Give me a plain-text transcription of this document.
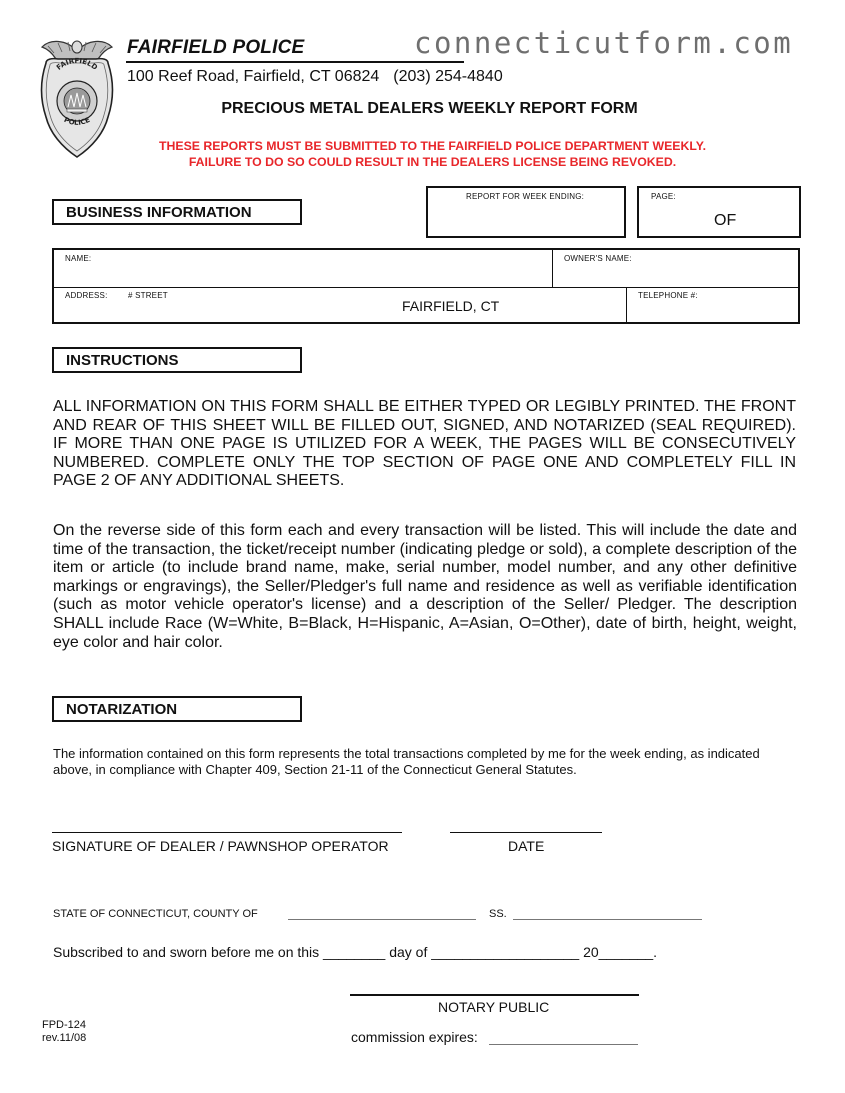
FAIRFIELD
POLICE
FAIRFIELD POLICE	connecticutform.com
100 Reef Road, Fairfield, CT 06824 (203) 254-4840
PRECIOUS METAL DEALERS WEEKLY REPORT FORM
THESE REPORTS MUST BE SUBMITTED TO THE FAIRFIELD POLICE DEPARTMENT WEEKLY.
FAILURE TO DO SO COULD RESULT IN THE DEALERS LICENSE BEING REVOKED.
BUSINESS INFORMATION
REPORT FOR WEEK ENDING:	PAGE:
OF
NAME:	OWNER'S NAME:
ADDRESS:	# STREET
FAIRFIELD, CT
TELEPHONE #:
INSTRUCTIONS
ALL INFORMATION ON THIS FORM SHALL BE EITHER TYPED OR LEGIBLY PRINTED. THE FRONT AND REAR OF THIS SHEET WILL BE FILLED OUT, SIGNED, AND NOTARIZED (SEAL REQUIRED). IF MORE THAN ONE PAGE IS UTILIZED FOR A WEEK, THE PAGES WILL BE CONSECUTIVELY NUMBERED. COMPLETE ONLY THE TOP SECTION OF PAGE ONE AND COMPLETELY FILL IN PAGE 2 OF ANY ADDITIONAL SHEETS.
On the reverse side of this form each and every transaction will be listed. This will include the date and time of the transaction, the ticket/receipt number (indicating pledge or sold), a complete description of the item or article (to include brand name, make, serial number, model number, and any other definitive markings or engravings), the Seller/Pledger's full name and residence as well as verifiable identification (such as motor vehicle operator's license) and a description of the Seller/ Pledger. The description SHALL include Race (W=White, B=Black, H=Hispanic, A=Asian, O=Other), date of birth, height, weight, eye color and hair color.
NOTARIZATION
The information contained on this form represents the total transactions completed by me for the week ending, as indicated above, in compliance with Chapter 409, Section 21-11 of the Connecticut General Statutes.
SIGNATURE OF DEALER / PAWNSHOP OPERATOR	DATE
STATE OF CONNECTICUT, COUNTY OF	SS.
Subscribed to and sworn before me on this ________ day of ___________________ 20_______.
NOTARY PUBLIC
FPD-124
rev.11/08	commission expires:
